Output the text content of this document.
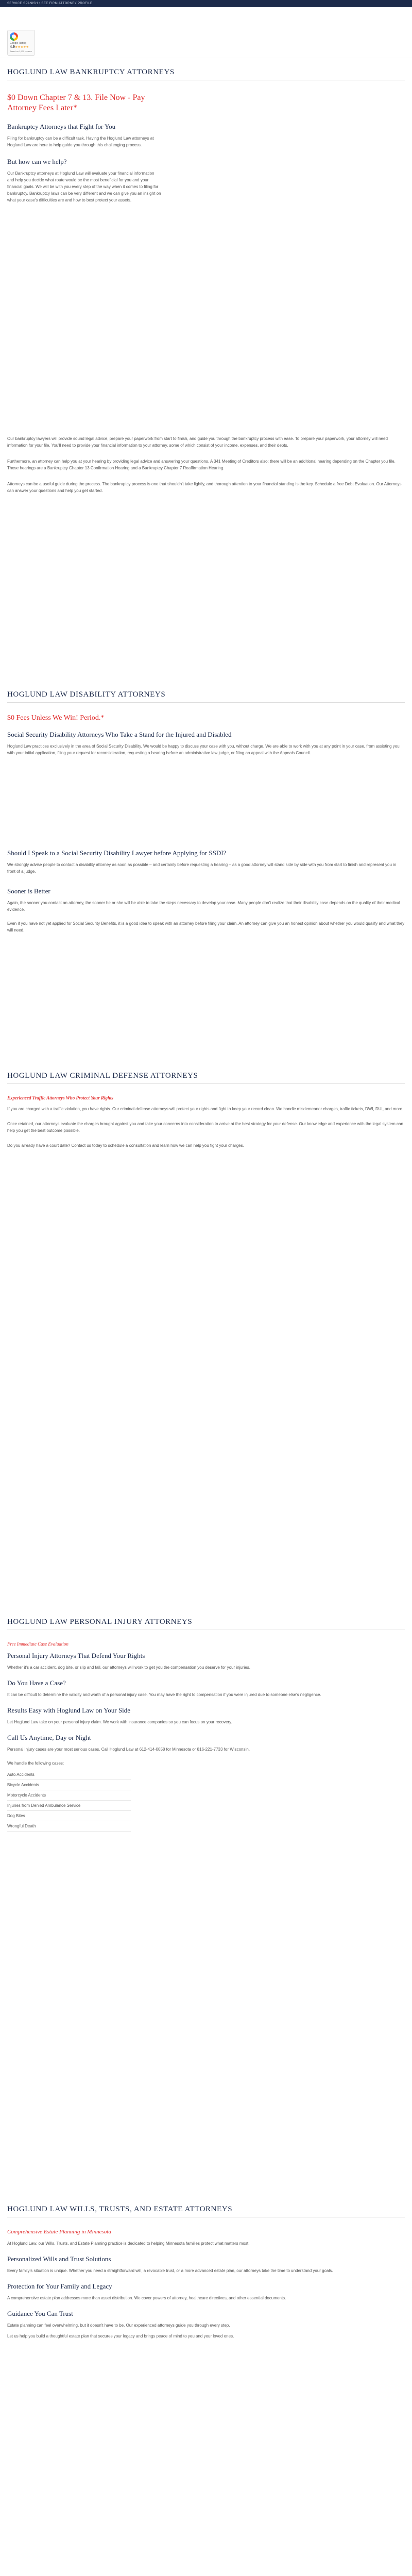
SERVICE SPANISH • SEE FIRM ATTORNEY PROFILE
Google Rating
4.9 ★★★★★
Based on 1,900 reviews
HOGLUND LAW BANKRUPTCY ATTORNEYS
$0 Down Chapter 7 & 13. File Now - Pay Attorney Fees Later*
Bankruptcy Attorneys that Fight for You

Filing for bankruptcy can be a difficult task. Having the Hoglund Law attorneys at Hoglund Law are here to help guide you through this challenging process.

But how can we help?

Our Bankruptcy attorneys at Hoglund Law will evaluate your financial information and help you decide what route would be the most beneficial for you and your financial goals. We will be with you every step of the way when it comes to filing for bankruptcy. Bankruptcy laws can be very different and we can give you an insight on what your case's difficulties are and how to best protect your assets.

Our bankruptcy lawyers will provide sound legal advice, prepare your paperwork from start to finish, and guide you through the bankruptcy process with ease. To prepare your paperwork, your attorney will need information for your file. You'll need to provide your financial information to your attorney, some of which consist of your income, expenses, and their debts.

Furthermore, an attorney can help you at your hearing by providing legal advice and answering your questions. A 341 Meeting of Creditors also; there will be an additional hearing depending on the Chapter you file. Those hearings are a Bankruptcy Chapter 13 Confirmation Hearing and a Bankruptcy Chapter 7 Reaffirmation Hearing.

Attorneys can be a useful guide during the process. The bankruptcy process is one that shouldn't take lightly, and thorough attention to your financial standing is the key. Schedule a free Debt Evaluation. Our Attorneys can answer your questions and help you get started.

HOGLUND LAW DISABILITY ATTORNEYS
$0 Fees Unless We Win! Period.*
Social Security Disability Attorneys Who Take a Stand for the Injured and Disabled

Hoglund Law practices exclusively in the area of Social Security Disability. We would be happy to discuss your case with you, without charge. We are able to work with you at any point in your case, from assisting you with your initial application, filing your request for reconsideration, requesting a hearing before an administrative law judge, or filing an appeal with the Appeals Council.

Should I Speak to a Social Security Disability Lawyer before Applying for SSDI?

We strongly advise people to contact a disability attorney as soon as possible – and certainly before requesting a hearing – as a good attorney will stand side by side with you from start to finish and represent you in front of a judge.

Sooner is Better

Again, the sooner you contact an attorney, the sooner he or she will be able to take the steps necessary to develop your case. Many people don't realize that their disability case depends on the quality of their medical evidence.

Even if you have not yet applied for Social Security Benefits, it is a good idea to speak with an attorney before filing your claim. An attorney can give you an honest opinion about whether you would qualify and what they will need.

HOGLUND LAW CRIMINAL DEFENSE ATTORNEYS
Experienced Traffic Attorneys Who Protect Your Rights

If you are charged with a traffic violation, you have rights. Our criminal defense attorneys will protect your rights and fight to keep your record clean. We handle misdemeanor charges, traffic tickets, DWI, DUI, and more.

Once retained, our attorneys evaluate the charges brought against you and take your concerns into consideration to arrive at the best strategy for your defense. Our knowledge and experience with the legal system can help you get the best outcome possible.

Do you already have a court date? Contact us today to schedule a consultation and learn how we can help you fight your charges.

HOGLUND LAW PERSONAL INJURY ATTORNEYS
Free Immediate Case Evaluation
Personal Injury Attorneys That Defend Your Rights

Whether it's a car accident, dog bite, or slip and fall, our attorneys will work to get you the compensation you deserve for your injuries.

Do You Have a Case?

It can be difficult to determine the validity and worth of a personal injury case. You may have the right to compensation if you were injured due to someone else's negligence.

Results Easy with Hoglund Law on Your Side

Let Hoglund Law take on your personal injury claim. We work with insurance companies so you can focus on your recovery.

Call Us Anytime, Day or Night

Personal injury cases are your most serious cases. Call Hoglund Law at 612-414-0058 for Minnesota or 816-221-7733 for Wisconsin.

We handle the following cases:

Auto Accidents
Bicycle Accidents
Motorcycle Accidents
Injuries from Denied Ambulance Service
Dog Bites
Wrongful Death
HOGLUND LAW WILLS, TRUSTS, AND ESTATE ATTORNEYS
Comprehensive Estate Planning in Minnesota

At Hoglund Law, our Wills, Trusts, and Estate Planning practice is dedicated to helping Minnesota families protect what matters most.

Personalized Wills and Trust Solutions

Every family's situation is unique. Whether you need a straightforward will, a revocable trust, or a more advanced estate plan, our attorneys take the time to understand your goals.

Protection for Your Family and Legacy

A comprehensive estate plan addresses more than asset distribution. We cover powers of attorney, healthcare directives, and other essential documents.

Guidance You Can Trust

Estate planning can feel overwhelming, but it doesn't have to be. Our experienced attorneys guide you through every step.

Let us help you build a thoughtful estate plan that secures your legacy and brings peace of mind to you and your loved ones.
